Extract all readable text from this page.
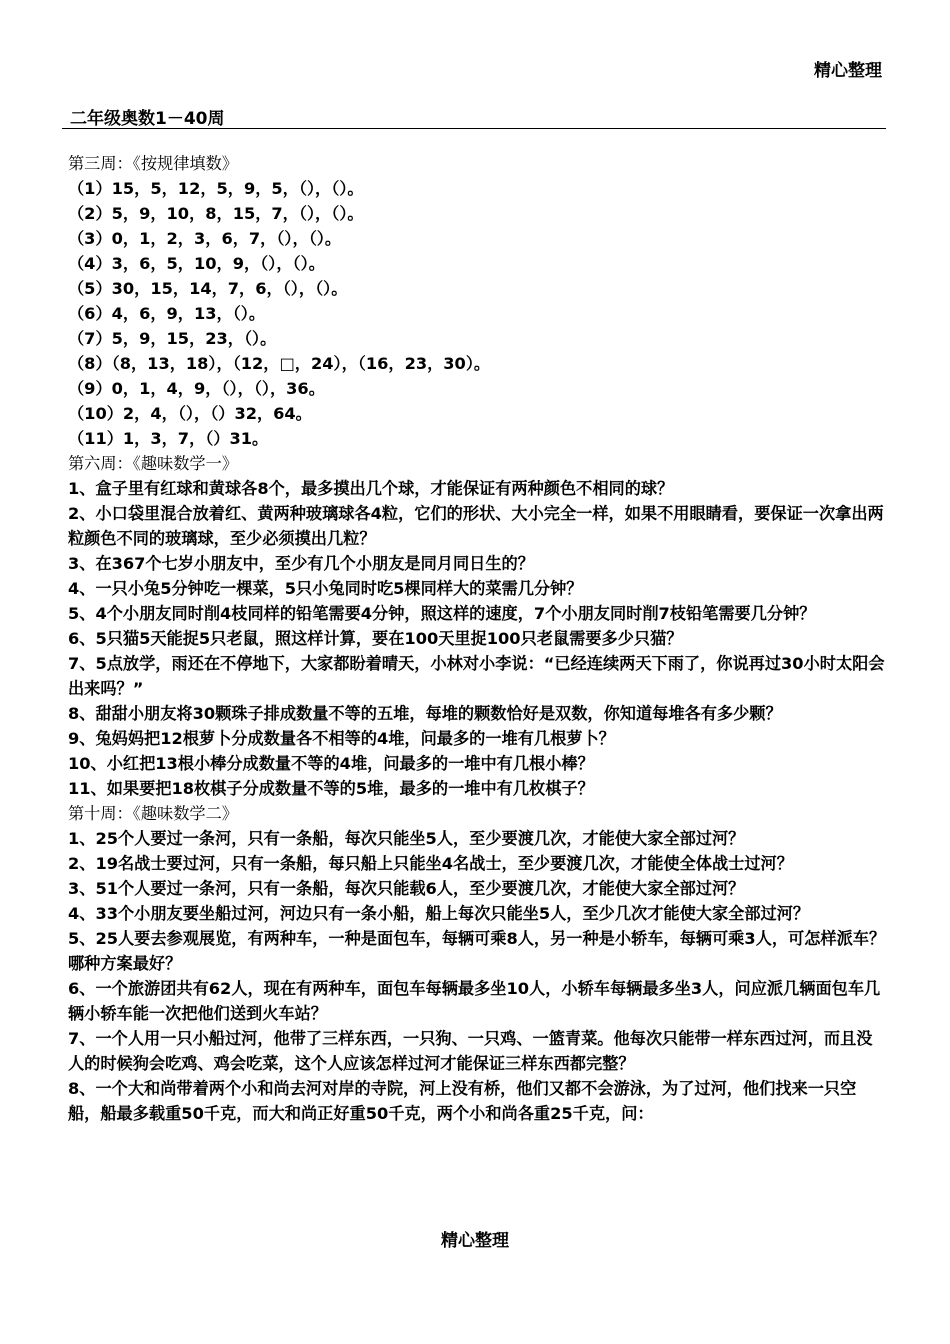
精心整理
二年级奥数1－40周

第三周：《按规律填数》

（1）15，5，12，5，9，5，（），（）。

（2）5，9，10，8，15，7，（），（）。

（3）0，1，2，3，6，7，（），（）。

（4）3，6，5，10，9，（），（）。

（5）30，15，14，7，6，（），（）。

（6）4，6，9，13，（）。

（7）5，9，15，23，（）。

（8）（8，13，18），（12，□，24），（16，23，30）。

（9）0，1，4，9，（），（），36。

（10）2，4，（），（）32，64。

（11）1，3，7，（）31。

第六周：《趣味数学一》

1、盒子里有红球和黄球各8个，最多摸出几个球，才能保证有两种颜色不相同的球？

2、小口袋里混合放着红、黄两种玻璃球各4粒，它们的形状、大小完全一样，如果不用眼睛看，要保证一次拿出两粒颜色不同的玻璃球，至少必须摸出几粒？

3、在367个七岁小朋友中，至少有几个小朋友是同月同日生的？

4、一只小兔5分钟吃一棵菜，5只小兔同时吃5棵同样大的菜需几分钟？

5、4个小朋友同时削4枝同样的铅笔需要4分钟，照这样的速度，7个小朋友同时削7枝铅笔需要几分钟？

6、5只猫5天能捉5只老鼠，照这样计算，要在100天里捉100只老鼠需要多少只猫？

7、5点放学，雨还在不停地下，大家都盼着晴天，小林对小李说：“已经连续两天下雨了，你说再过30小时太阳会出来吗？”

8、甜甜小朋友将30颗珠子排成数量不等的五堆，每堆的颗数恰好是双数，你知道每堆各有多少颗？

9、兔妈妈把12根萝卜分成数量各不相等的4堆，问最多的一堆有几根萝卜？

10、小红把13根小棒分成数量不等的4堆，问最多的一堆中有几根小棒？

11、如果要把18枚棋子分成数量不等的5堆，最多的一堆中有几枚棋子？

第十周：《趣味数学二》

1、25个人要过一条河，只有一条船，每次只能坐5人，至少要渡几次，才能使大家全部过河？

2、19名战士要过河，只有一条船，每只船上只能坐4名战士，至少要渡几次，才能使全体战士过河？

3、51个人要过一条河，只有一条船，每次只能载6人，至少要渡几次，才能使大家全部过河？

4、33个小朋友要坐船过河，河边只有一条小船，船上每次只能坐5人，至少几次才能使大家全部过河？

5、25人要去参观展览，有两种车，一种是面包车，每辆可乘8人，另一种是小轿车，每辆可乘3人，可怎样派车？哪种方案最好？

6、一个旅游团共有62人，现在有两种车，面包车每辆最多坐10人，小轿车每辆最多坐3人，问应派几辆面包车几辆小轿车能一次把他们送到火车站？

7、一个人用一只小船过河，他带了三样东西，一只狗、一只鸡、一篮青菜。他每次只能带一样东西过河，而且没人的时候狗会吃鸡、鸡会吃菜，这个人应该怎样过河才能保证三样东西都完整？

8、一个大和尚带着两个小和尚去河对岸的寺院，河上没有桥，他们又都不会游泳，为了过河，他们找来一只空船，船最多载重50千克，而大和尚正好重50千克，两个小和尚各重25千克，问：

精心整理
